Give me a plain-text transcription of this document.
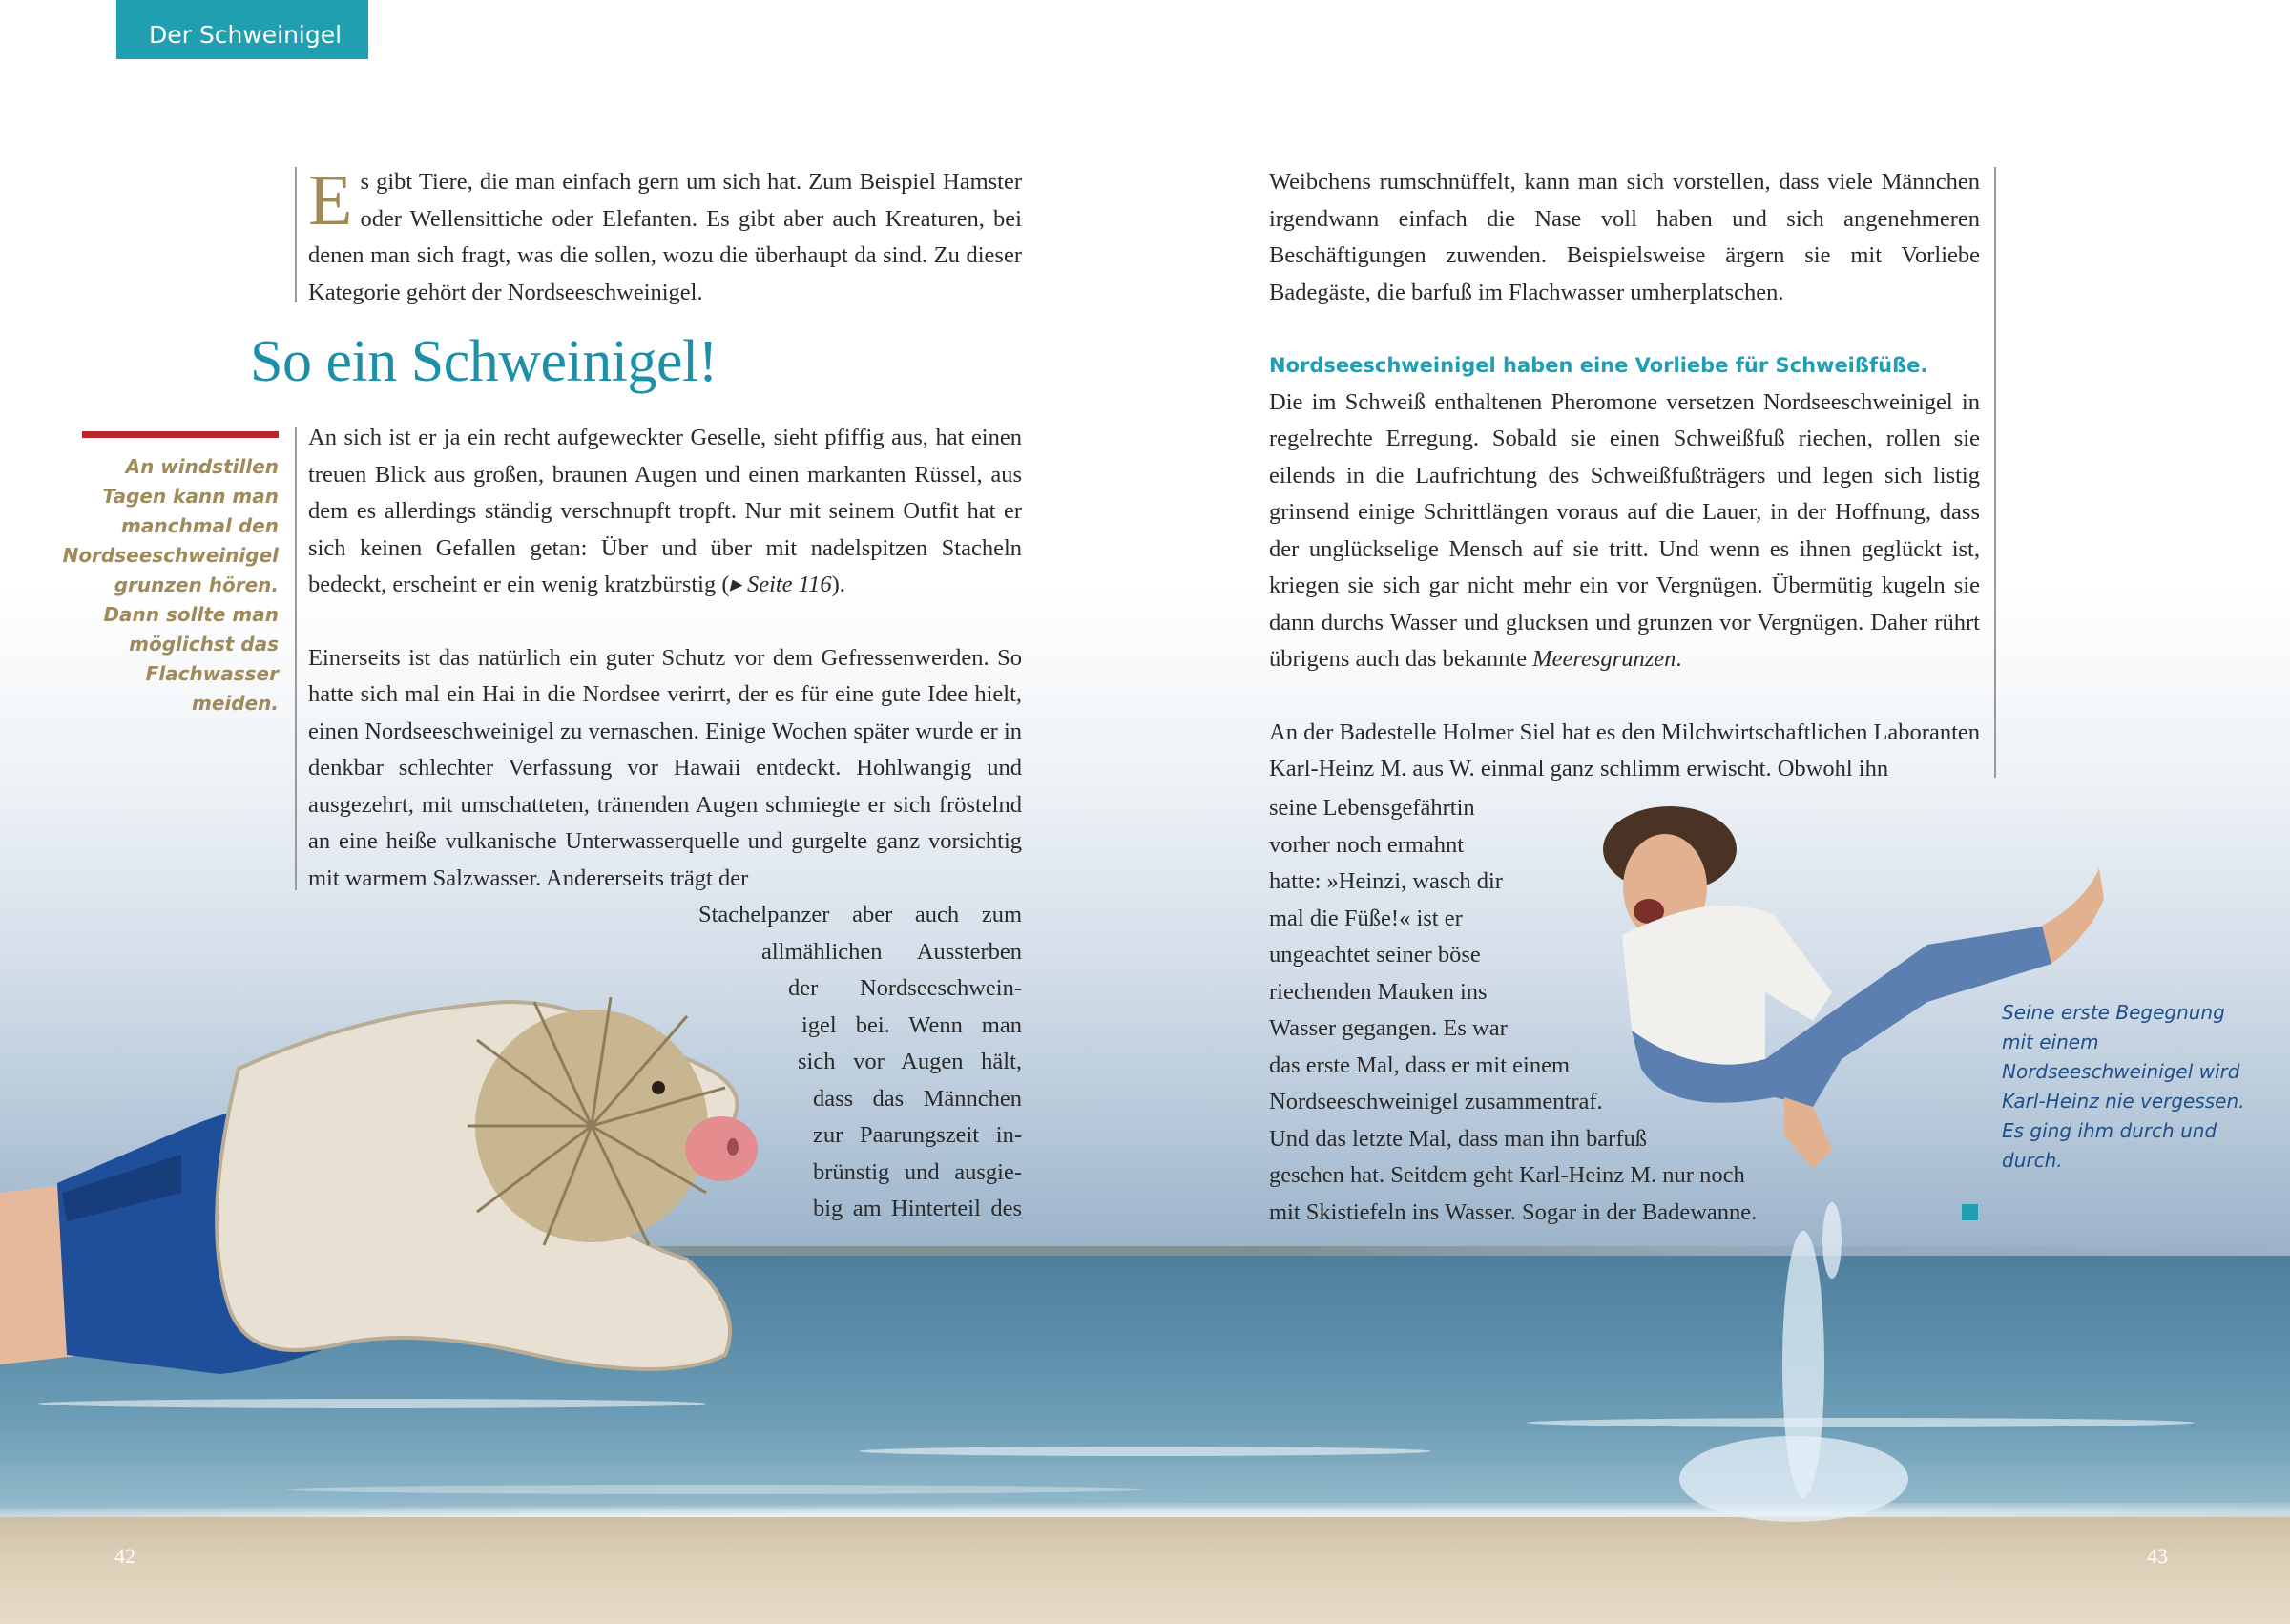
Der Schweinigel
E s gibt Tiere, die man einfach gern um sich hat. Zum Beispiel Hamster oder Wellensittiche oder Elefanten. Es gibt aber auch Kreaturen, bei denen man sich fragt, was die sollen, wozu die überhaupt da sind. Zu dieser Kategorie gehört der Nordseeschweinigel.
So ein Schweinigel!
An windstillen Tagen kann man manchmal den Nordseeschweinigel grunzen hören. Dann sollte man möglichst das Flachwasser meiden.

An sich ist er ja ein recht aufgeweckter Geselle, sieht pfiffig aus, hat einen treuen Blick aus großen, braunen Augen und einen markanten Rüssel, aus dem es allerdings ständig verschnupft tropft. Nur mit seinem Outfit hat er sich keinen Gefallen getan: Über und über mit nadelspitzen Stacheln bedeckt, erscheint er ein wenig kratzbürstig (▸ Seite 116).

Einerseits ist das natürlich ein guter Schutz vor dem Gefressenwerden. So hatte sich mal ein Hai in die Nordsee verirrt, der es für eine gute Idee hielt, einen Nordseeschweinigel zu vernaschen. Einige Wochen später wurde er in denkbar schlechter Verfassung vor Hawaii entdeckt. Hohlwangig und ausgezehrt, mit umschatteten, tränenden Augen schmiegte er sich fröstelnd an eine heiße vulkanische Unterwasserquelle und gurgelte ganz vorsichtig mit warmem Salzwasser. Andererseits trägt der

Stachelpanzer aber auch zum
allmählichen Aussterben
der Nordseeschwein-
igel bei. Wenn man
sich vor Augen hält,
dass das Männchen
zur Paarungszeit in-
brünstig und ausgie-
big am Hinterteil des

Weibchens rumschnüffelt, kann man sich vorstellen, dass viele Männchen irgendwann einfach die Nase voll haben und sich angenehmeren Beschäftigungen zuwenden. Beispielsweise ärgern sie mit Vorliebe Badegäste, die barfuß im Flachwasser umherplatschen.

Nordseeschweinigel haben eine Vorliebe für Schweißfüße.

Die im Schweiß enthaltenen Pheromone versetzen Nordseeschweinigel in regelrechte Erregung. Sobald sie einen Schweißfuß riechen, rollen sie eilends in die Laufrichtung des Schweißfußträgers und legen sich listig grinsend einige Schrittlängen voraus auf die Lauer, in der Hoffnung, dass der unglückselige Mensch auf sie tritt. Und wenn es ihnen geglückt ist, kriegen sie sich gar nicht mehr ein vor Vergnügen. Übermütig kugeln sie dann durchs Wasser und glucksen und grunzen vor Vergnügen. Daher rührt übrigens auch das bekannte Meeresgrunzen.

An der Badestelle Holmer Siel hat es den Milchwirtschaftlichen Laboranten Karl-Heinz M. aus W. einmal ganz schlimm erwischt. Obwohl ihn

seine Lebensgefährtin
vorher noch ermahnt
hatte: »Heinzi, wasch dir
mal die Füße!« ist er
ungeachtet seiner böse
riechenden Mauken ins
Wasser gegangen. Es war
das erste Mal, dass er mit einem
Nordseeschweinigel zusammentraf.
Und das letzte Mal, dass man ihn barfuß
gesehen hat. Seitdem geht Karl-Heinz M. nur noch
mit Skistiefeln ins Wasser. Sogar in der Badewanne.
Seine erste Begegnung mit einem Nordseeschweinigel wird Karl-Heinz nie vergessen. Es ging ihm durch und durch.
42	43
